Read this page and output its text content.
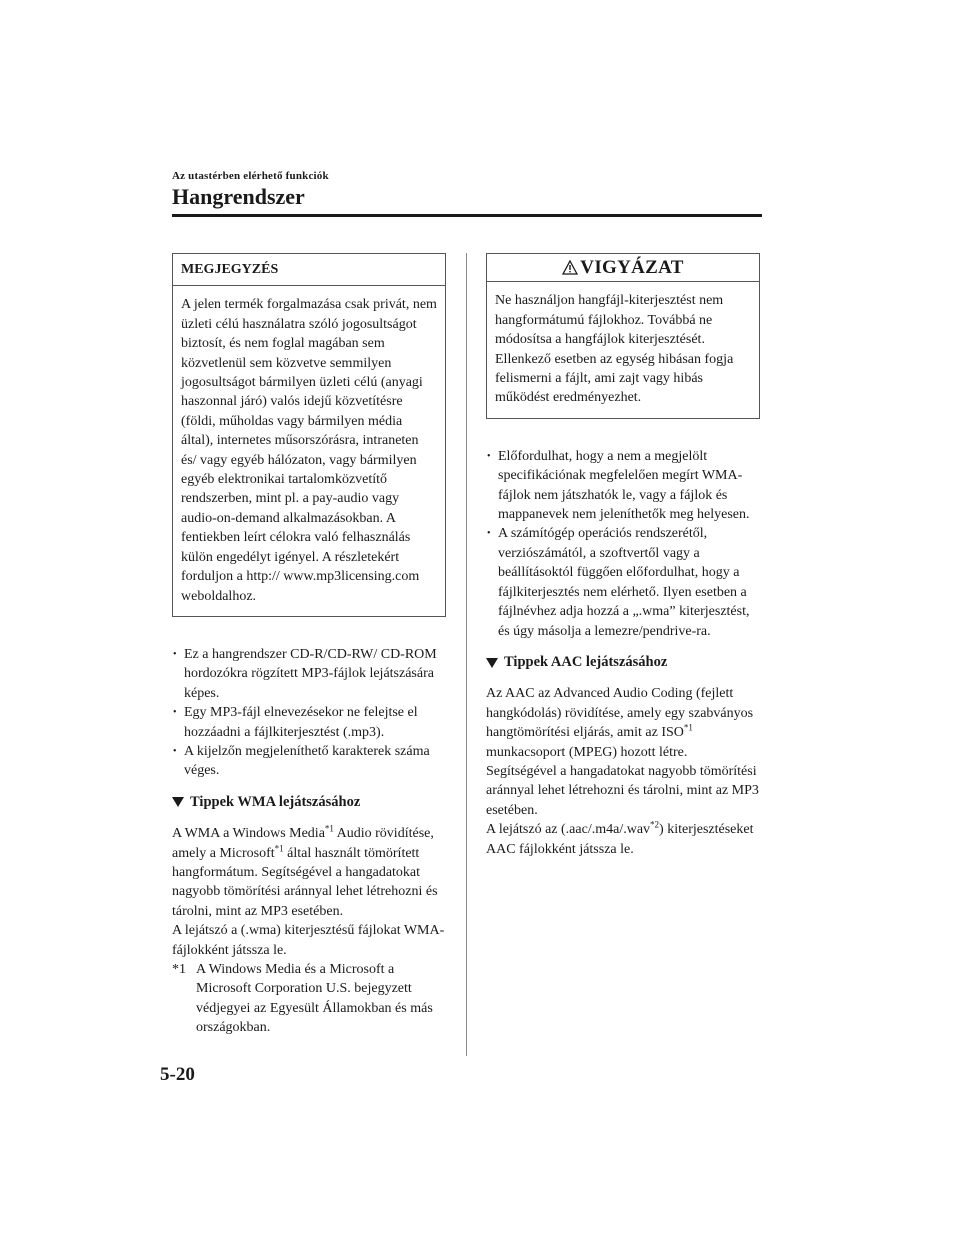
Az utastérben elérhető funkciók
Hangrendszer
MEGJEGYZÉS

A jelen termék forgalmazása csak privát, nem üzleti célú használatra szóló jogosultságot biztosít, és nem foglal magában sem közvetlenül sem közvetve semmilyen jogosultságot bármilyen üzleti célú (anyagi haszonnal járó) valós idejű közvetítésre (földi, műholdas vagy bármilyen média által), internetes műsorszórásra, intraneten és/ vagy egyéb hálózaton, vagy bármilyen egyéb elektronikai tartalomközvetítő rendszerben, mint pl. a pay-audio vagy audio-on-demand alkalmazásokban. A fentiekben leírt célokra való felhasználás külön engedélyt igényel. A részletekért forduljon a http:// www.mp3licensing.com weboldalhoz.

• Ez a hangrendszer CD-R/CD-RW/ CD-ROM hordozókra rögzített MP3-fájlok lejátszására képes.
• Egy MP3-fájl elnevezésekor ne felejtse el hozzáadni a fájlkiterjesztést (.mp3).
• A kijelzőn megjeleníthető karakterek száma véges.

Tippek WMA lejátszásához

A WMA a Windows Media$^{*1}$ Audio rövidítése, amely a Microsoft$^{*1}$ által használt tömörített hangformátum. Segítségével a hangadatokat nagyobb tömörítési aránnyal lehet létrehozni és tárolni, mint az MP3 esetében.

A lejátszó a (.wma) kiterjesztésű fájlokat WMA-fájlokként játssza le.

*1 A Windows Media és a Microsoft a Microsoft Corporation U.S. bejegyzett védjegyei az Egyesült Államokban és más országokban.

VIGYÁZAT

Ne használjon hangfájl-kiterjesztést nem hangformátumú fájlokhoz. Továbbá ne módosítsa a hangfájlok kiterjesztését. Ellenkező esetben az egység hibásan fogja felismerni a fájlt, ami zajt vagy hibás működést eredményezhet.

• Előfordulhat, hogy a nem a megjelölt specifikációnak megfelelően megírt WMA-fájlok nem játszhatók le, vagy a fájlok és mappanevek nem jeleníthetők meg helyesen.
• A számítógép operációs rendszerétől, verziószámától, a szoftvertől vagy a beállításoktól függően előfordulhat, hogy a fájlkiterjesztés nem elérhető. Ilyen esetben a fájlnévhez adja hozzá a „.wma” kiterjesztést, és úgy másolja a lemezre/pendrive-ra.

Tippek AAC lejátszásához

Az AAC az Advanced Audio Coding (fejlett hangkódolás) rövidítése, amely egy szabványos hangtömörítési eljárás, amit az ISO$^{*1}$ munkacsoport (MPEG) hozott létre. Segítségével a hangadatokat nagyobb tömörítési aránnyal lehet létrehozni és tárolni, mint az MP3 esetében.

A lejátszó az (.aac/.m4a/.wav$^{*2}$) kiterjesztéseket AAC fájlokként játssza le.

5-20
